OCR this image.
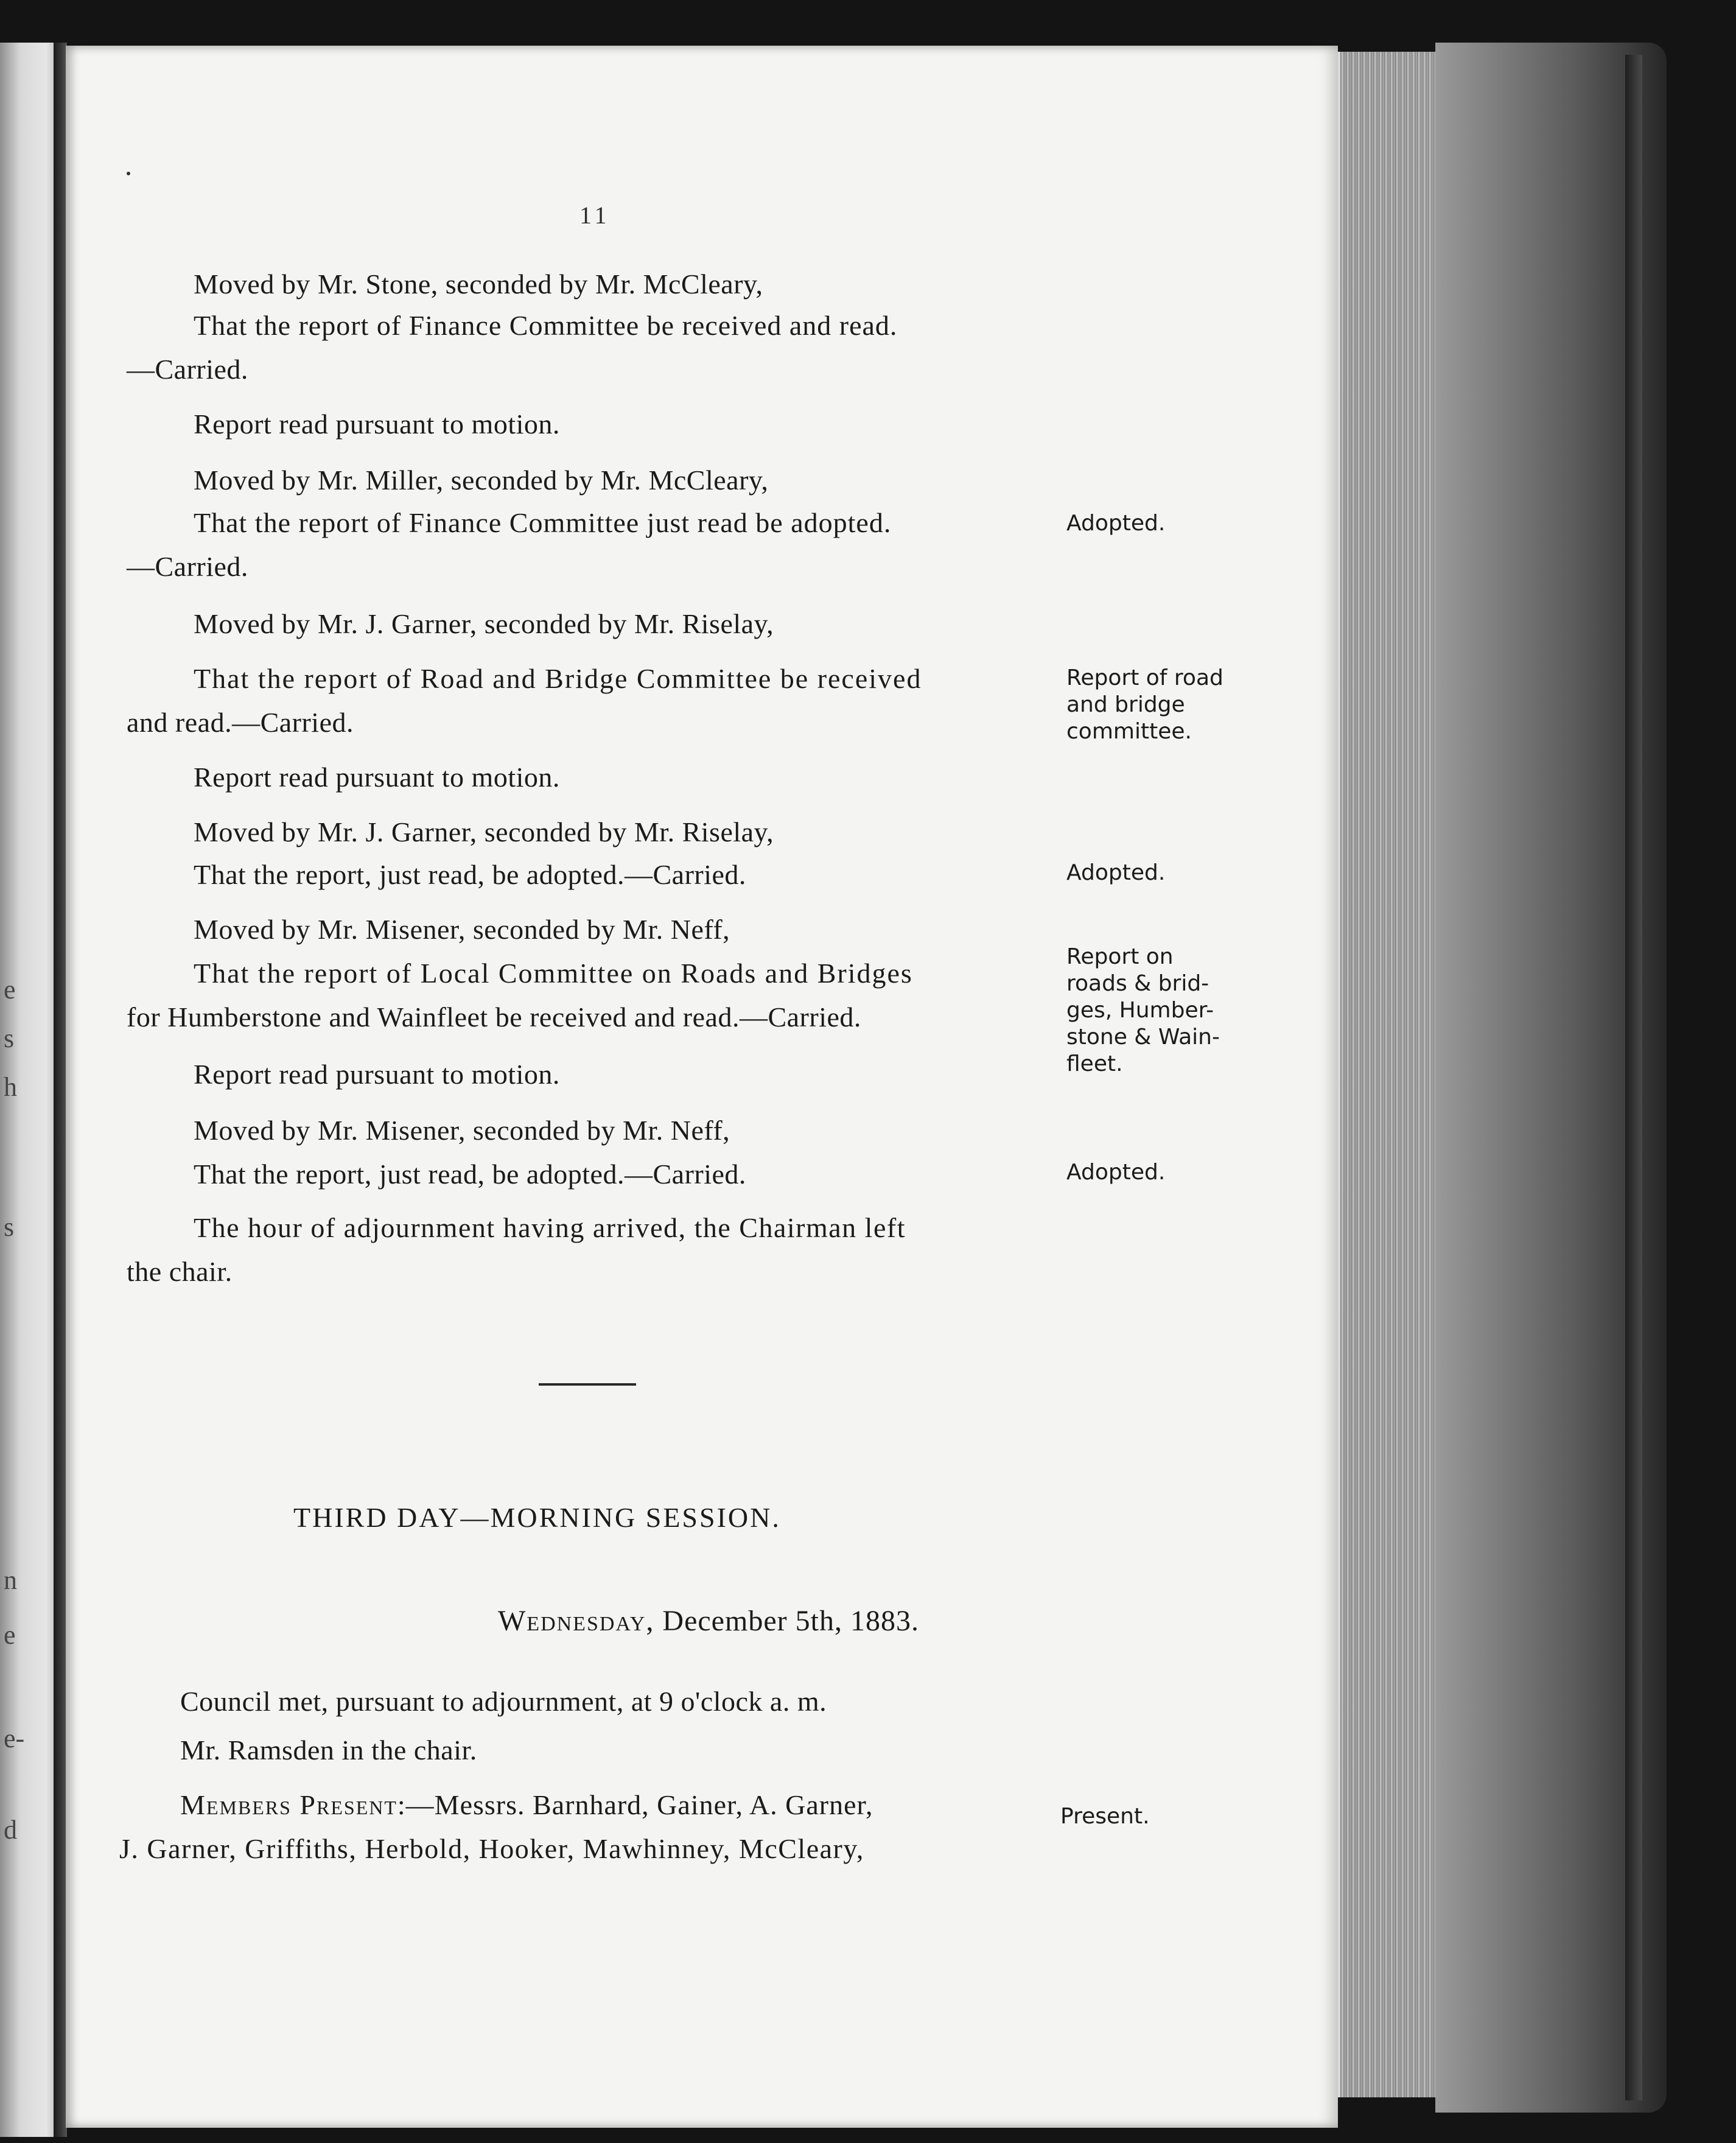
e
s
h
s
n
e
e-
d
11
Moved by Mr. Stone, seconded by Mr. McCleary,
That the report of Finance Committee be received and read.
—Carried.
Report read pursuant to motion.
Moved by Mr. Miller, seconded by Mr. McCleary,
That the report of Finance Committee just read be adopted.
—Carried.
Moved by Mr. J. Garner, seconded by Mr. Riselay,
That the report of Road and Bridge Committee be received
and read.—Carried.
Report read pursuant to motion.
Moved by Mr. J. Garner, seconded by Mr. Riselay,
That the report, just read, be adopted.—Carried.
Moved by Mr. Misener, seconded by Mr. Neff,
That the report of Local Committee on Roads and Bridges
for Humberstone and Wainfleet be received and read.—Carried.
Report read pursuant to motion.
Moved by Mr. Misener, seconded by Mr. Neff,
That the report, just read, be adopted.—Carried.
The hour of adjournment having arrived, the Chairman left
the chair.
Adopted.
Report of road
and bridge
committee.
Adopted.
Report on
roads & brid-
ges, Humber-
stone & Wain-
fleet.
Adopted.
THIRD DAY—MORNING SESSION.
Wednesday, December 5th, 1883.
Council met, pursuant to adjournment, at 9 o'clock a. m.
Mr. Ramsden in the chair.
Members Present:—Messrs. Barnhard, Gainer, A. Garner,
J. Garner, Griffiths, Herbold, Hooker, Mawhinney, McCleary,
Present.
